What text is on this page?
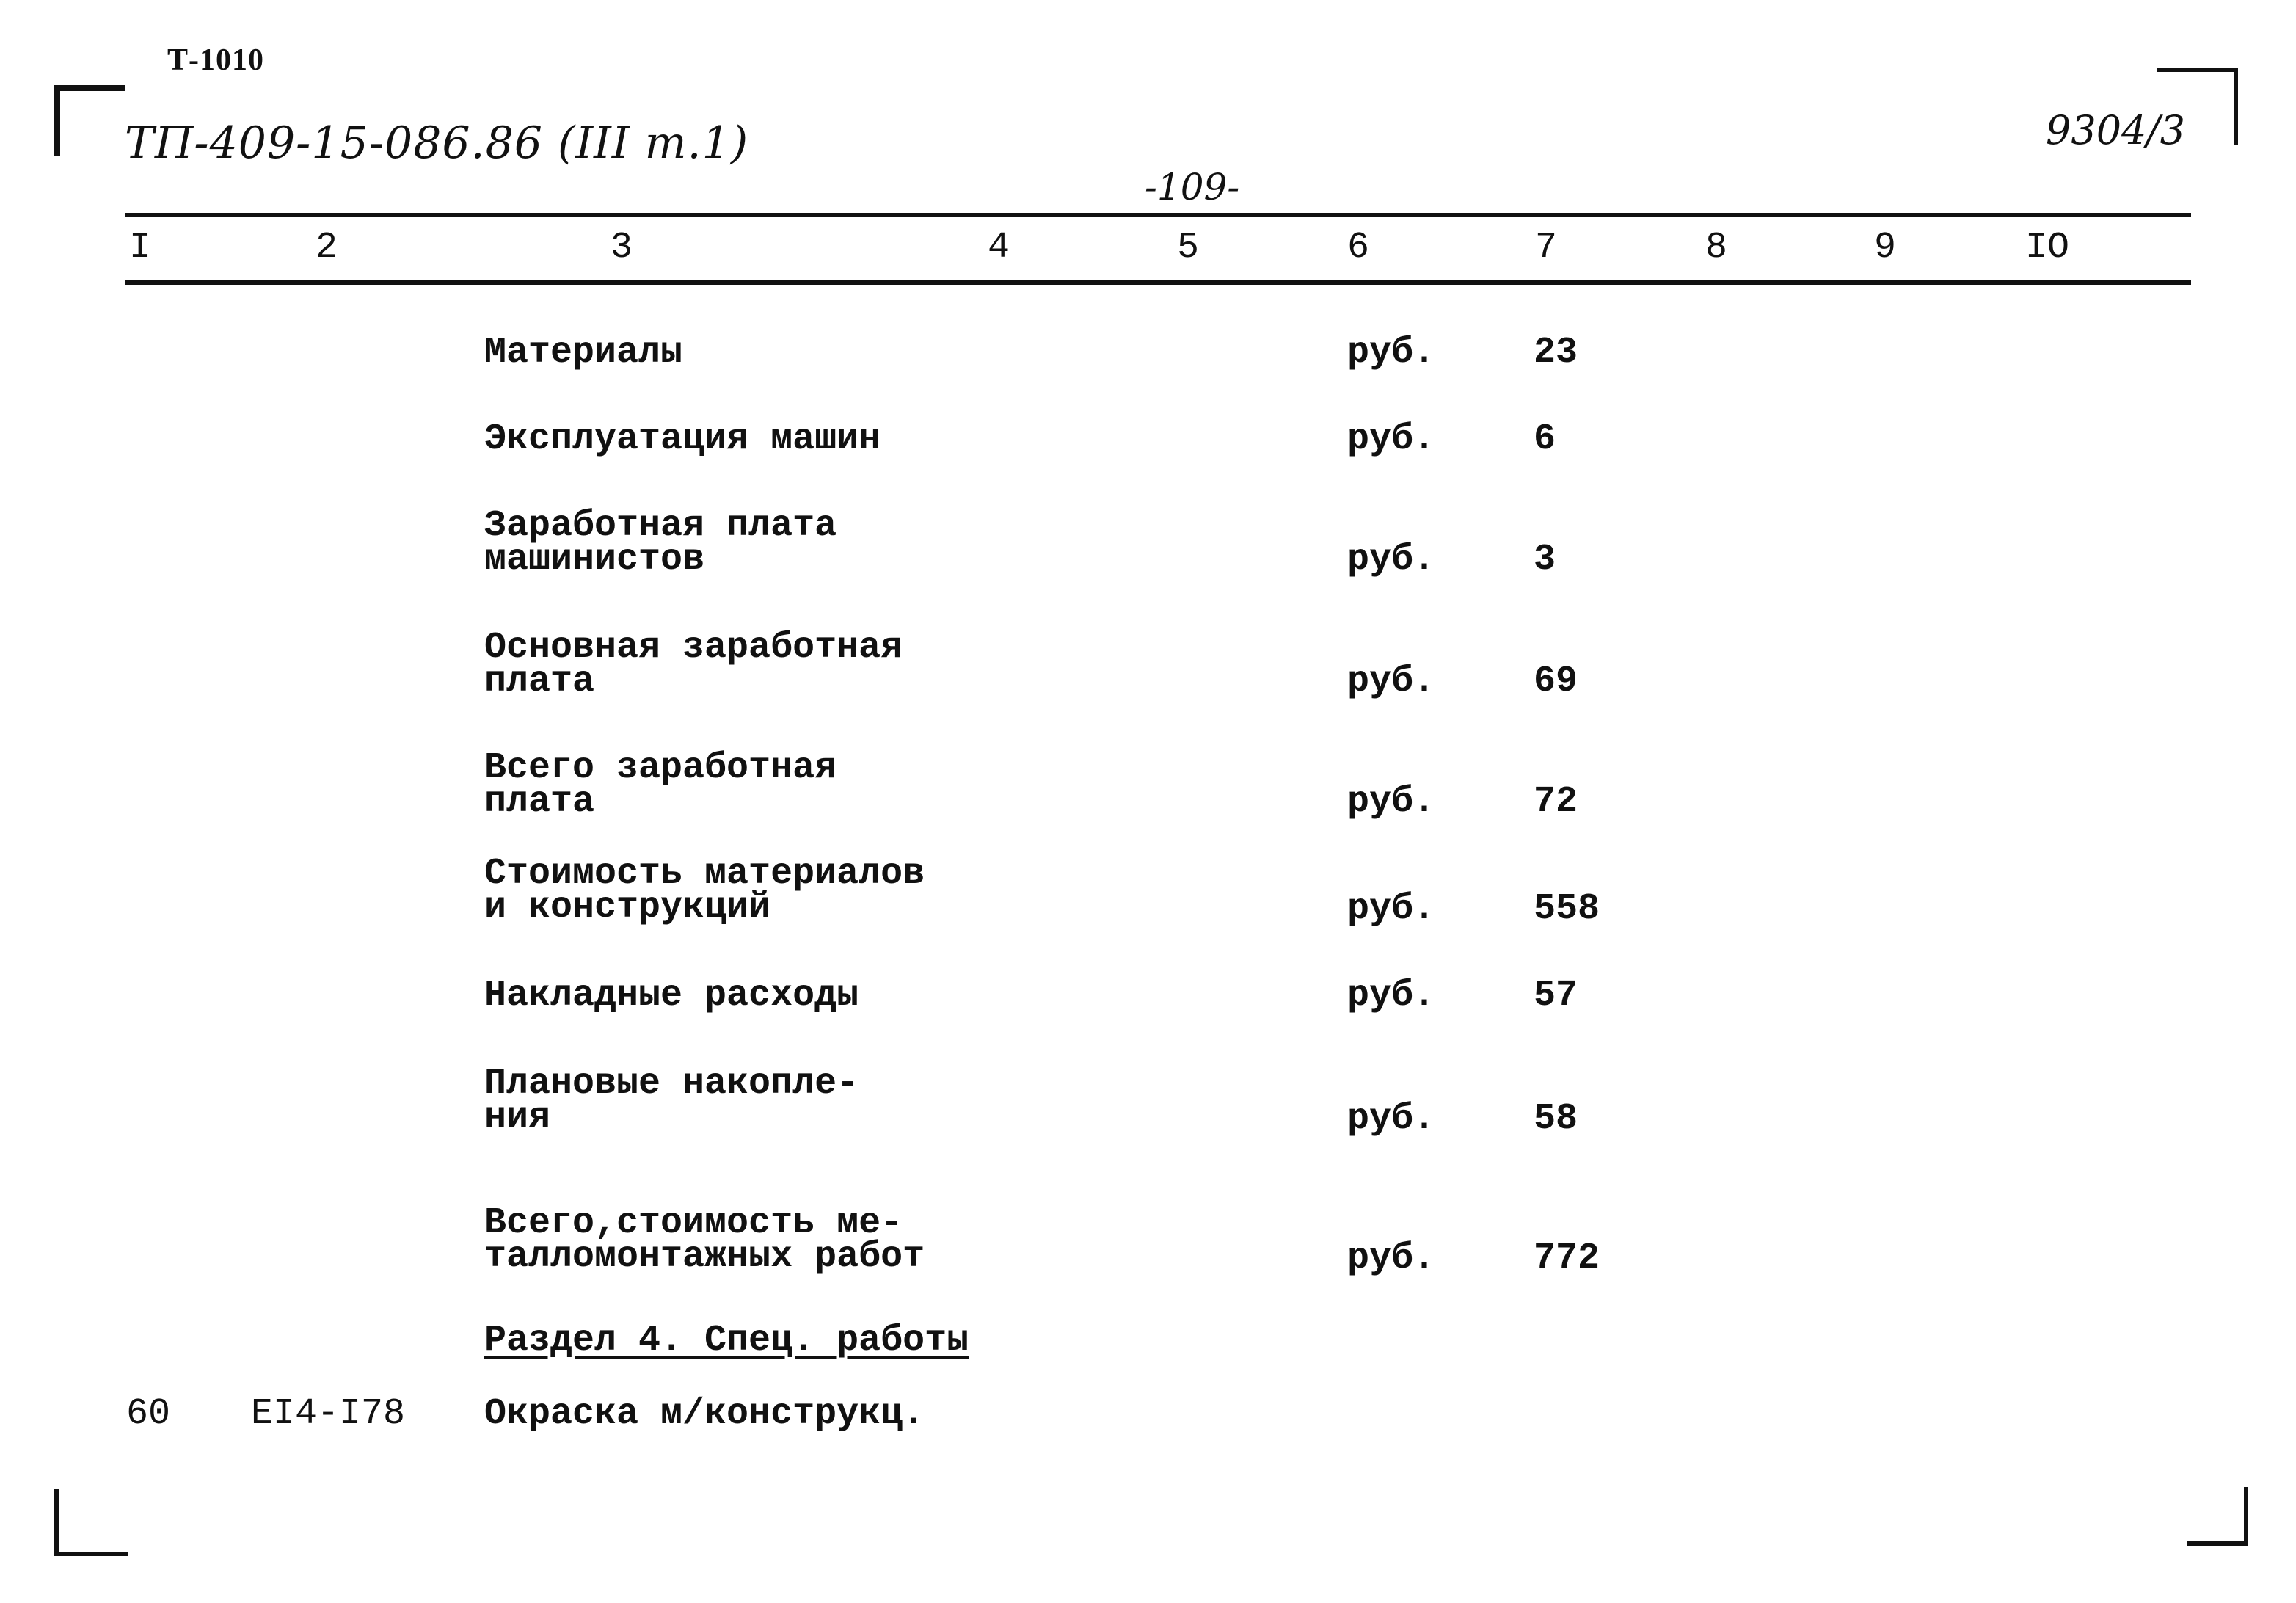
Т-1010
ТП-409-15-086.86 (III т.1)
-109-
9304/3
I	2	3	4	5	6	7	8	9	IO
Материалы	руб.	23
Эксплуатация машин	руб.	6
Заработная плата
машинистов	руб.	3
Основная заработная
плата	руб.	69
Всего заработная
плата	руб.	72
Стоимость материалов
и конструкций	руб.	558
Накладные расходы	руб.	57
Плановые накопле-
ния	руб.	58
Всего,стоимость ме-
талломонтажных работ	руб.	772
Раздел 4. Спец. работы
60 EI4-I78 Окраска м/конструкц.
